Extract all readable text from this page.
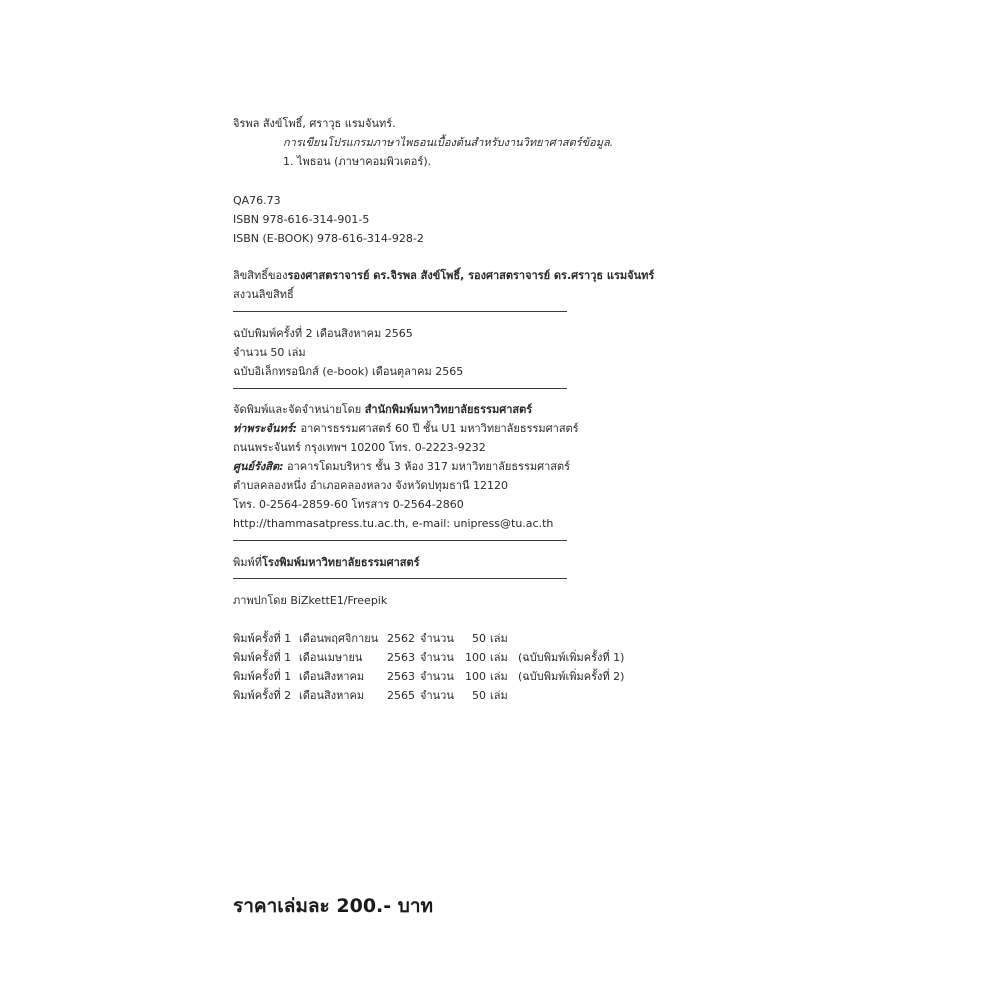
จิรพล สังข์โพธิ์, ศราวุธ แรมจันทร์.
การเขียนโปรแกรมภาษาไพธอนเบื้องต้นสำหรับงานวิทยาศาสตร์ข้อมูล.
1. ไพธอน (ภาษาคอมพิวเตอร์).
QA76.73
ISBN 978-616-314-901-5
ISBN (E-BOOK) 978-616-314-928-2
ลิขสิทธิ์ของรองศาสตราจารย์ ดร.จิรพล สังข์โพธิ์, รองศาสตราจารย์ ดร.ศราวุธ แรมจันทร์
สงวนลิขสิทธิ์
ฉบับพิมพ์ครั้งที่ 2 เดือนสิงหาคม 2565
จำนวน 50 เล่ม
ฉบับอิเล็กทรอนิกส์ (e-book) เดือนตุลาคม 2565
จัดพิมพ์และจัดจำหน่ายโดย สำนักพิมพ์มหาวิทยาลัยธรรมศาสตร์
ท่าพระจันทร์: อาคารธรรมศาสตร์ 60 ปี ชั้น U1 มหาวิทยาลัยธรรมศาสตร์
ถนนพระจันทร์ กรุงเทพฯ 10200 โทร. 0-2223-9232
ศูนย์รังสิต: อาคารโดมบริหาร ชั้น 3 ห้อง 317 มหาวิทยาลัยธรรมศาสตร์
ตำบลคลองหนึ่ง อำเภอคลองหลวง จังหวัดปทุมธานี 12120
โทร. 0-2564-2859-60 โทรสาร 0-2564-2860
http://thammasatpress.tu.ac.th, e-mail: unipress@tu.ac.th
พิมพ์ที่โรงพิมพ์มหาวิทยาลัยธรรมศาสตร์
ภาพปกโดย BiZkettE1/Freepik
พิมพ์ครั้งที่ 1 เดือนพฤศจิกายน 2562 จำนวน 50 เล่ม
พิมพ์ครั้งที่ 1 เดือนเมษายน 2563 จำนวน 100 เล่ม (ฉบับพิมพ์เพิ่มครั้งที่ 1)
พิมพ์ครั้งที่ 1 เดือนสิงหาคม 2563 จำนวน 100 เล่ม (ฉบับพิมพ์เพิ่มครั้งที่ 2)
พิมพ์ครั้งที่ 2 เดือนสิงหาคม 2565 จำนวน 50 เล่ม
ราคาเล่มละ 200.- บาท
